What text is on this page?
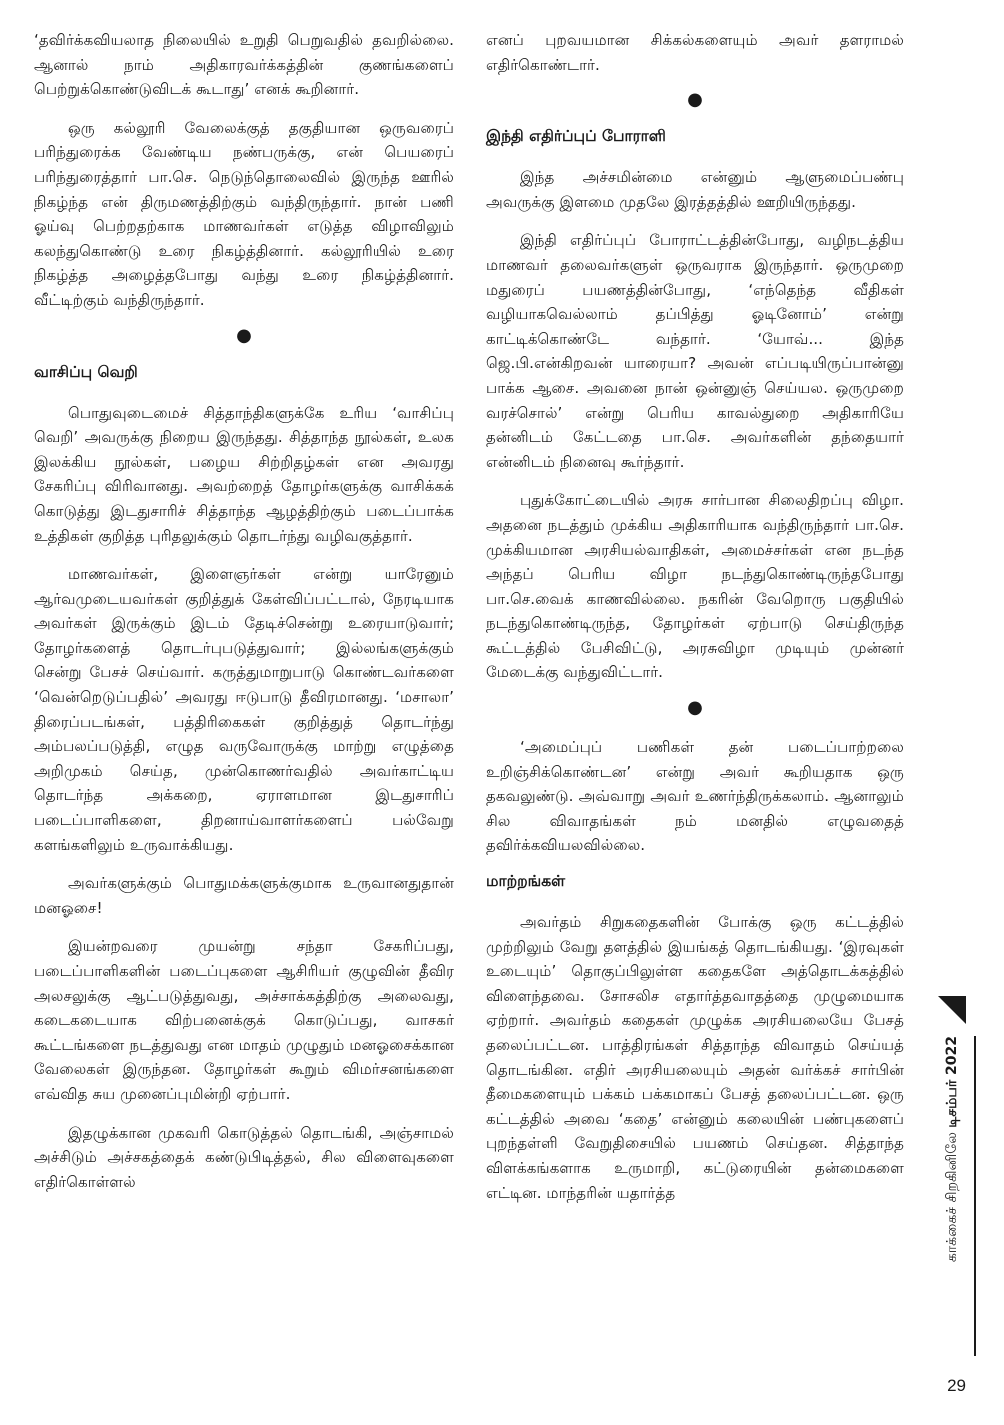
‘தவிர்க்கவியலாத நிலையில் உறுதி பெறுவதில் தவறில்லை. ஆனால் நாம் அதிகாரவர்க்கத்தின் குணங்களைப் பெற்றுக்கொண்டுவிடக் கூடாது’ எனக் கூறினார்.

ஒரு கல்லூரி வேலைக்குத் தகுதியான ஒருவரைப் பரிந்துரைக்க வேண்டிய நண்பருக்கு, என் பெயரைப் பரிந்துரைத்தார் பா.செ. நெடுந்தொலைவில் இருந்த ஊரில் நிகழ்ந்த என் திருமணத்திற்கும் வந்திருந்தார். நான் பணி ஓய்வு பெற்றதற்காக மாணவர்கள் எடுத்த விழாவிலும் கலந்துகொண்டு உரை நிகழ்த்தினார். கல்லூரியில் உரை நிகழ்த்த அழைத்தபோது வந்து உரை நிகழ்த்தினார். வீட்டிற்கும் வந்திருந்தார்.

●
வாசிப்பு வெறி

பொதுவுடைமைச் சித்தாந்திகளுக்கே உரிய ‘வாசிப்பு வெறி’ அவருக்கு நிறைய இருந்தது. சித்தாந்த நூல்கள், உலக இலக்கிய நூல்கள், பழைய சிற்றிதழ்கள் என அவரது சேகரிப்பு விரிவானது. அவற்றைத் தோழர்களுக்கு வாசிக்கக் கொடுத்து இடதுசாரிச் சித்தாந்த ஆழத்திற்கும் படைப்பாக்க உத்திகள் குறித்த புரிதலுக்கும் தொடர்ந்து வழிவகுத்தார்.

மாணவர்கள், இளைஞர்கள் என்று யாரேனும் ஆர்வமுடையவர்கள் குறித்துக் கேள்விப்பட்டால், நேரடியாக அவர்கள் இருக்கும் இடம் தேடிச்சென்று உரையாடுவார்; தோழர்களைத் தொடர்புபடுத்துவார்; இல்லங்களுக்கும் சென்று பேசச் செய்வார். கருத்துமாறுபாடு கொண்டவர்களை ‘வென்றெடுப்பதில்’ அவரது ஈடுபாடு தீவிரமானது. ‘மசாலா’ திரைப்படங்கள், பத்திரிகைகள் குறித்துத் தொடர்ந்து அம்பலப்படுத்தி, எழுத வருவோருக்கு மாற்று எழுத்தை அறிமுகம் செய்த, முன்கொணர்வதில் அவர்காட்டிய தொடர்ந்த அக்கறை, ஏராளமான இடதுசாரிப் படைப்பாளிகளை, திறனாய்வாளர்களைப் பல்வேறு களங்களிலும் உருவாக்கியது.

அவர்களுக்கும் பொதுமக்களுக்குமாக உருவானதுதான் மனஓசை!

இயன்றவரை முயன்று சந்தா சேகரிப்பது, படைப்பாளிகளின் படைப்புகளை ஆசிரியர் குழுவின் தீவிர அலசலுக்கு ஆட்படுத்துவது, அச்சாக்கத்திற்கு அலைவது, கடைகடையாக விற்பனைக்குக் கொடுப்பது, வாசகர் கூட்டங்களை நடத்துவது என மாதம் முழுதும் மனஓசைக்கான வேலைகள் இருந்தன. தோழர்கள் கூறும் விமர்சனங்களை எவ்வித சுய முனைப்புமின்றி ஏற்பார்.

இதழுக்கான முகவரி கொடுத்தல் தொடங்கி, அஞ்சாமல் அச்சிடும் அச்சகத்தைக் கண்டுபிடித்தல், சில விளைவுகளை எதிர்கொள்ளல்

எனப் புறவயமான சிக்கல்களையும் அவர் தளராமல் எதிர்கொண்டார்.

●
இந்தி எதிர்ப்புப் போராளி

இந்த அச்சமின்மை என்னும் ஆளுமைப்பண்பு அவருக்கு இளமை முதலே இரத்தத்தில் ஊறியிருந்தது.

இந்தி எதிர்ப்புப் போராட்டத்தின்போது, வழிநடத்திய மாணவர் தலைவர்களுள் ஒருவராக இருந்தார். ஒருமுறை மதுரைப் பயணத்தின்போது, ‘எந்தெந்த வீதிகள் வழியாகவெல்லாம் தப்பித்து ஓடினோம்’ என்று காட்டிக்கொண்டே வந்தார். ‘யோவ்... இந்த ஜெ.பி.என்கிறவன் யாரையா? அவன் எப்படியிருப்பான்னு பாக்க ஆசை. அவனை நான் ஒன்னுஞ் செய்யல. ஒருமுறை வரச்சொல்’ என்று பெரிய காவல்துறை அதிகாரியே தன்னிடம் கேட்டதை பா.செ. அவர்களின் தந்தையார் என்னிடம் நினைவு கூர்ந்தார்.

புதுக்கோட்டையில் அரசு சார்பான சிலைதிறப்பு விழா. அதனை நடத்தும் முக்கிய அதிகாரியாக வந்திருந்தார் பா.செ. முக்கியமான அரசியல்வாதிகள், அமைச்சர்கள் என நடந்த அந்தப் பெரிய விழா நடந்துகொண்டிருந்தபோது பா.செ.வைக் காணவில்லை. நகரின் வேறொரு பகுதியில் நடந்துகொண்டிருந்த, தோழர்கள் ஏற்பாடு செய்திருந்த கூட்டத்தில் பேசிவிட்டு, அரசுவிழா முடியும் முன்னர் மேடைக்கு வந்துவிட்டார்.

●

‘அமைப்புப் பணிகள் தன் படைப்பாற்றலை உறிஞ்சிக்கொண்டன’ என்று அவர் கூறியதாக ஒரு தகவலுண்டு. அவ்வாறு அவர் உணர்ந்திருக்கலாம். ஆனாலும் சில விவாதங்கள் நம் மனதில் எழுவதைத் தவிர்க்கவியலவில்லை.

மாற்றங்கள்

அவர்தம் சிறுகதைகளின் போக்கு ஒரு கட்டத்தில் முற்றிலும் வேறு தளத்தில் இயங்கத் தொடங்கியது. ‘இரவுகள் உடையும்’ தொகுப்பிலுள்ள கதைகளே அத்தொடக்கத்தில் விளைந்தவை. சோசலிச எதார்த்தவாதத்தை முழுமையாக ஏற்றார். அவர்தம் கதைகள் முழுக்க அரசியலையே பேசத் தலைப்பட்டன. பாத்திரங்கள் சித்தாந்த விவாதம் செய்யத் தொடங்கின. எதிர் அரசியலையும் அதன் வர்க்கச் சார்பின் தீமைகளையும் பக்கம் பக்கமாகப் பேசத் தலைப்பட்டன. ஒரு கட்டத்தில் அவை ‘கதை’ என்னும் கலையின் பண்புகளைப் புறந்தள்ளி வேறுதிசையில் பயணம் செய்தன. சித்தாந்த விளக்கங்களாக உருமாறி, கட்டுரையின் தன்மைகளை எட்டின. மாந்தரின் யதார்த்த	காக்கைச் சிறகினிலே டிசம்பர் 2022
29
